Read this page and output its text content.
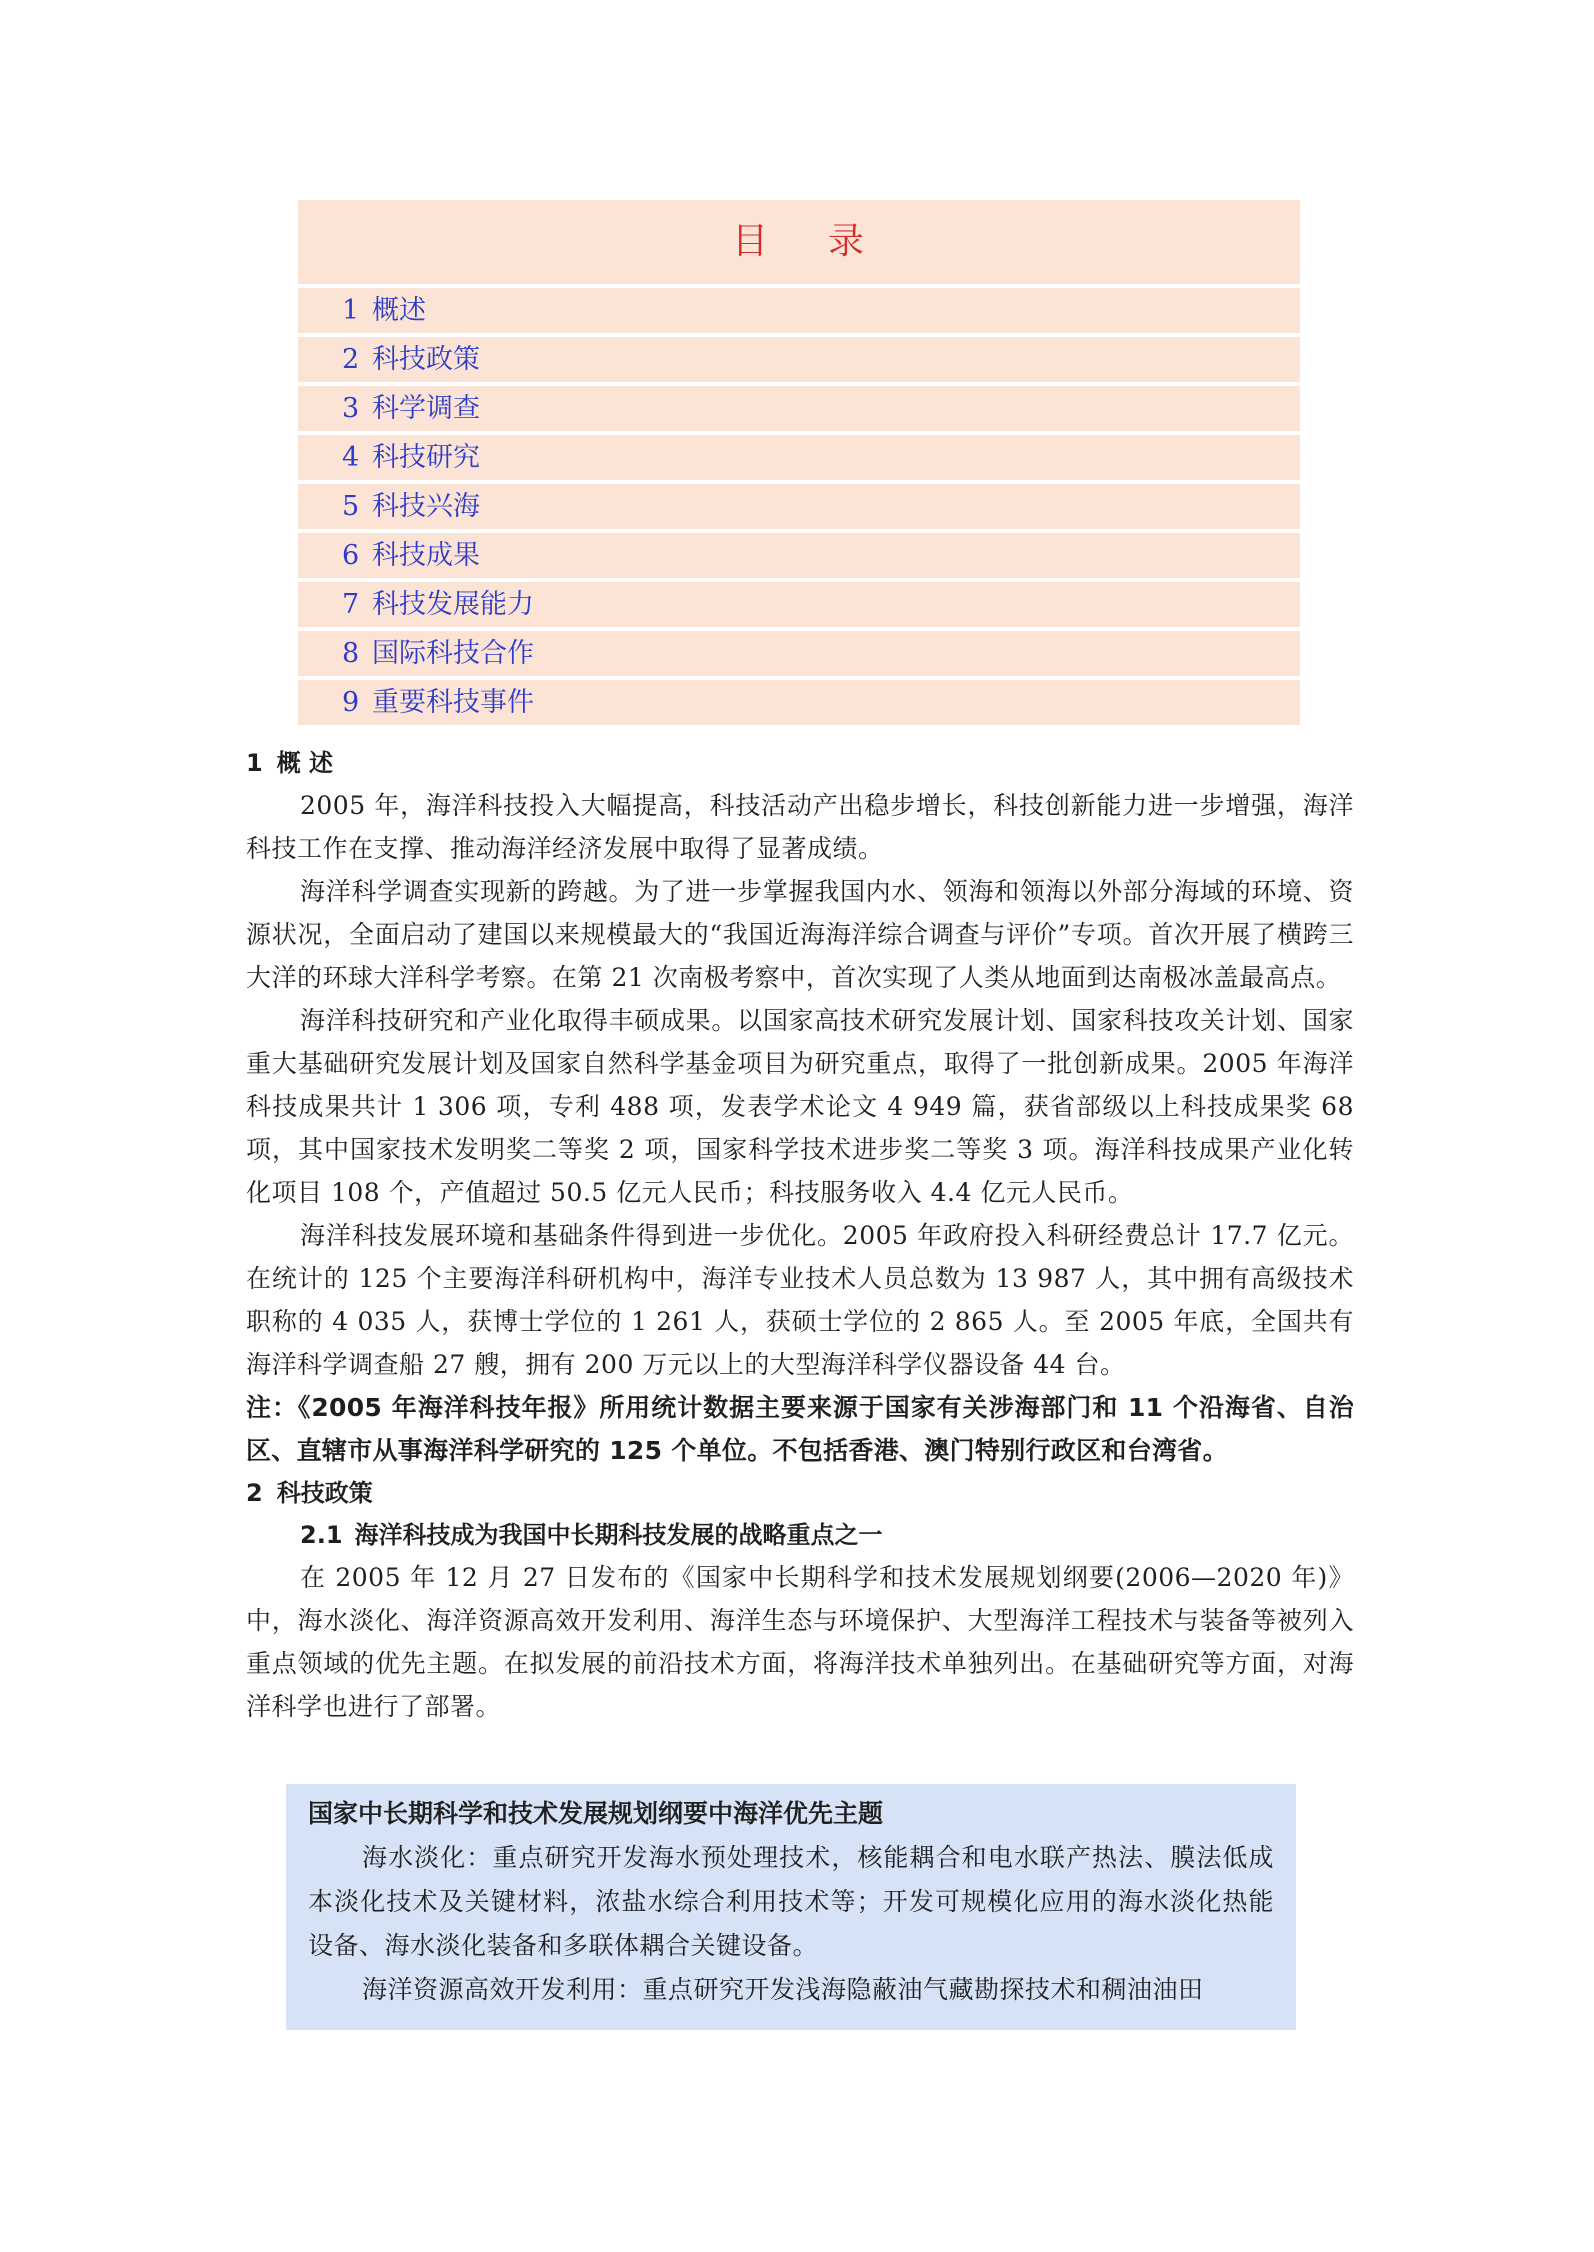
目 录
1 概述
2 科技政策
3 科学调查
4 科技研究
5 科技兴海
6 科技成果
7 科技发展能力
8 国际科技合作
9 重要科技事件
1 概 述

2005 年，海洋科技投入大幅提高，科技活动产出稳步增长，科技创新能力进一步增强，海洋科技工作在支撑、推动海洋经济发展中取得了显著成绩。

海洋科学调查实现新的跨越。为了进一步掌握我国内水、领海和领海以外部分海域的环境、资源状况，全面启动了建国以来规模最大的“我国近海海洋综合调查与评价”专项。首次开展了横跨三大洋的环球大洋科学考察。在第 21 次南极考察中，首次实现了人类从地面到达南极冰盖最高点。

海洋科技研究和产业化取得丰硕成果。以国家高技术研究发展计划、国家科技攻关计划、国家重大基础研究发展计划及国家自然科学基金项目为研究重点，取得了一批创新成果。2005 年海洋科技成果共计 1 306 项，专利 488 项，发表学术论文 4 949 篇，获省部级以上科技成果奖 68 项，其中国家技术发明奖二等奖 2 项，国家科学技术进步奖二等奖 3 项。海洋科技成果产业化转化项目 108 个，产值超过 50.5 亿元人民币；科技服务收入 4.4 亿元人民币。

海洋科技发展环境和基础条件得到进一步优化。2005 年政府投入科研经费总计 17.7 亿元。在统计的 125 个主要海洋科研机构中，海洋专业技术人员总数为 13 987 人，其中拥有高级技术职称的 4 035 人，获博士学位的 1 261 人，获硕士学位的 2 865 人。至 2005 年底，全国共有海洋科学调查船 27 艘，拥有 200 万元以上的大型海洋科学仪器设备 44 台。

注：《2005 年海洋科技年报》所用统计数据主要来源于国家有关涉海部门和 11 个沿海省、自治区、直辖市从事海洋科学研究的 125 个单位。不包括香港、澳门特别行政区和台湾省。

2 科技政策
2.1 海洋科技成为我国中长期科技发展的战略重点之一

在 2005 年 12 月 27 日发布的《国家中长期科学和技术发展规划纲要(2006—2020 年)》中，海水淡化、海洋资源高效开发利用、海洋生态与环境保护、大型海洋工程技术与装备等被列入重点领域的优先主题。在拟发展的前沿技术方面，将海洋技术单独列出。在基础研究等方面，对海洋科学也进行了部署。

国家中长期科学和技术发展规划纲要中海洋优先主题

海水淡化：重点研究开发海水预处理技术，核能耦合和电水联产热法、膜法低成本淡化技术及关键材料，浓盐水综合利用技术等；开发可规模化应用的海水淡化热能设备、海水淡化装备和多联体耦合关键设备。

海洋资源高效开发利用：重点研究开发浅海隐蔽油气藏勘探技术和稠油油田
